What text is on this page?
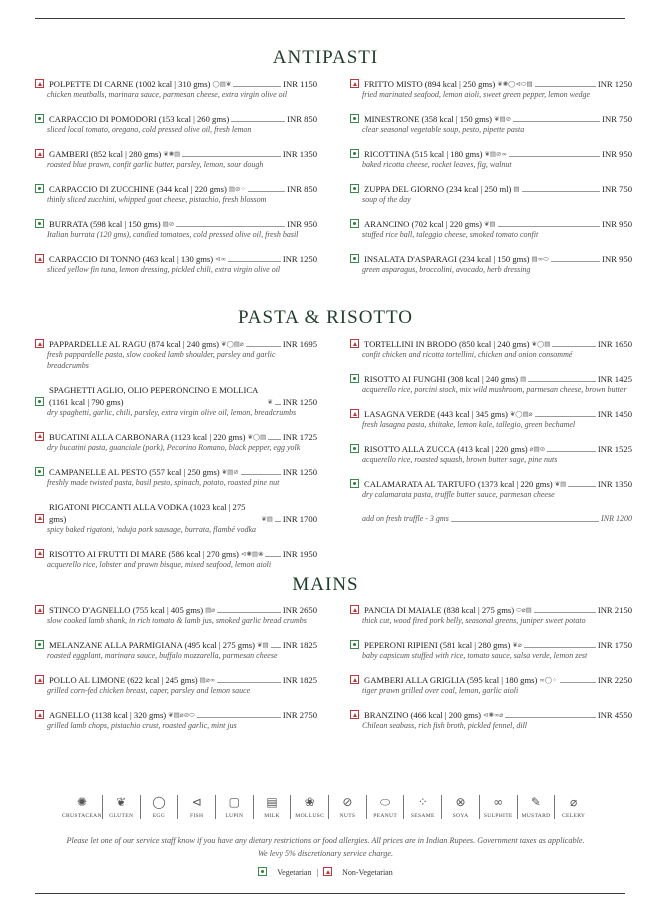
ANTIPASTI
POLPETTE DI CARNE (1002 kcal | 310 gms) ◯▤❦	INR 1150
chicken meatballs, marinara sauce, parmesan cheese, extra virgin olive oil
CARPACCIO DI POMODORI (153 kcal | 260 gms)	INR 850
sliced local tomato, oregano, cold pressed olive oil, fresh lemon
GAMBERI (852 kcal | 280 gms) ❦✺▤	INR 1350
roasted blue prawn, confit garlic butter, parsley, lemon, sour dough
CARPACCIO DI ZUCCHINE (344 kcal | 220 gms) ▤⊘⁘	INR 850
thinly sliced zucchini, whipped goat cheese, pistachio, fresh blossom
BURRATA (598 kcal | 150 gms) ▤⊘	INR 950
Italian burrata (120 gms), candied tomatoes, cold pressed olive oil, fresh basil
CARPACCIO DI TONNO (463 kcal | 130 gms) ⊲∞	INR 1250
sliced yellow fin tuna, lemon dressing, pickled chili, extra virgin olive oil
FRITTO MISTO (894 kcal | 250 gms) ❦✺◯⊲⬭▤	INR 1250
fried marinated seafood, lemon aioli, sweet green pepper, lemon wedge
MINESTRONE (358 kcal | 150 gms) ❦▤⊘	INR 750
clear seasonal vegetable soup, pesto, pipette pasta
RICOTTINA (515 kcal | 180 gms) ❦▤⊘∞	INR 950
baked ricotta cheese, rocket leaves, fig, walnut
ZUPPA DEL GIORNO (234 kcal | 250 ml) ▤	INR 750
soup of the day
ARANCINO (702 kcal | 220 gms) ❦▤	INR 950
stuffed rice ball, taleggio cheese, smoked tomato confit
INSALATA D'ASPARAGI (234 kcal | 150 gms) ▤∞⬭	INR 950
green asparagus, broccolini, avocado, herb dressing
PASTA & RISOTTO
PAPPARDELLE AL RAGU (874 kcal | 240 gms) ❦◯▤⌀	INR 1695
fresh pappardelle pasta, slow cooked lamb shoulder, parsley and garlic breadcrumbs
SPAGHETTI AGLIO, OLIO PEPERONCINO E MOLLICA (1161 kcal | 790 gms)	❦ INR 1250
dry spaghetti, garlic, chili, parsley, extra virgin olive oil, lemon, breadcrumbs
BUCATINI ALLA CARBONARA (1123 kcal | 220 gms) ❦◯▤ INR 1725
dry bucatini pasta, guanciale (pork), Pecorino Romano, black pepper, egg yolk
CAMPANELLE AL PESTO (557 kcal | 250 gms) ❦▤⊘	INR 1250
freshly made twisted pasta, basil pesto, spinach, potato, roasted pine nut
RIGATONI PICCANTI ALLA VODKA (1023 kcal | 275 gms)	❦▤ INR 1700
spicy baked rigatoni, 'nduja pork sausage, burrata, flambé vodka
RISOTTO AI FRUTTI DI MARE (586 kcal | 270 gms) ⊲✺▤❀ INR 1950
acquerello rice, lobster and prawn bisque, mixed seafood, lemon aioli
TORTELLINI IN BRODO (850 kcal | 240 gms) ❦◯▤	INR 1650
confit chicken and ricotta tortellini, chicken and onion consommé
RISOTTO AI FUNGHI (308 kcal | 240 gms) ▤	INR 1425
acquerello rice, porcini stock, mix wild mushroom, parmesan cheese, brown butter
LASAGNA VERDE (443 kcal | 345 gms) ❦◯▤⌀	INR 1450
fresh lasagna pasta, shiitake, lemon kale, tallegio, green bechamel
RISOTTO ALLA ZUCCA (413 kcal | 220 gms) ⌀▤⊘	INR 1525
acquerello rice, roasted squash, brown butter sage, pine nuts
CALAMARATA AL TARTUFO (1373 kcal | 220 gms) ❦▤	INR 1350
dry calamarata pasta, truffle butter sauce, parmesan cheese
add on fresh truffle - 3 gms	INR 1200
MAINS
STINCO D'AGNELLO (755 kcal | 405 gms) ▤⌀	INR 2650
slow cooked lamb shank, in rich tomato & lamb jus, smoked garlic bread crumbs
MELANZANE ALLA PARMIGIANA (495 kcal | 275 gms) ❦▤ INR 1825
roasted eggplant, marinara sauce, buffalo mozzarella, parmesan cheese
POLLO AL LIMONE (622 kcal | 245 gms) ▤⌀∞	INR 1825
grilled corn-fed chicken breast, caper, parsley and lemon sauce
AGNELLO (1138 kcal | 320 gms) ❦▤⌀⊘⬭	INR 2750
grilled lamb chops, pistachio crust, roasted garlic, mint jus
PANCIA DI MAIALE (838 kcal | 275 gms) ⬭⌀▤	INR 2150
thick cut, wood fired pork belly, seasonal greens, juniper sweet potato
PEPERONI RIPIENI (581 kcal | 280 gms) ❦⌀	INR 1750
baby capsicum stuffed with rice, tomato sauce, salsa verde, lemon zest
GAMBERI ALLA GRIGLIA (595 kcal | 180 gms) ∞◯⁘	INR 2250
tiger prawn grilled over coal, lemon, garlic aioli
BRANZINO (466 kcal | 200 gms) ⊲✺∞⌀	INR 4550
Chilean seabass, rich fish broth, pickled fennel, dill
✺
CRUSTACEAN
❦
GLUTEN
◯
EGG
⊲
FISH
▢
LUPIN
▤
MILK
❀
MOLLUSC
⊘
NUTS
⬭
PEANUT
⁘
SESAME
⊗
SOYA
∞
SULPHITE
✎
MUSTARD
⌀
CELERY
Please let one of our service staff know if you have any dietary restrictions or food allergies. All prices are in Indian Rupees. Government taxes as applicable.
We levy 5% discretionary service charge.
Vegetarian |	Non-Vegetarian
